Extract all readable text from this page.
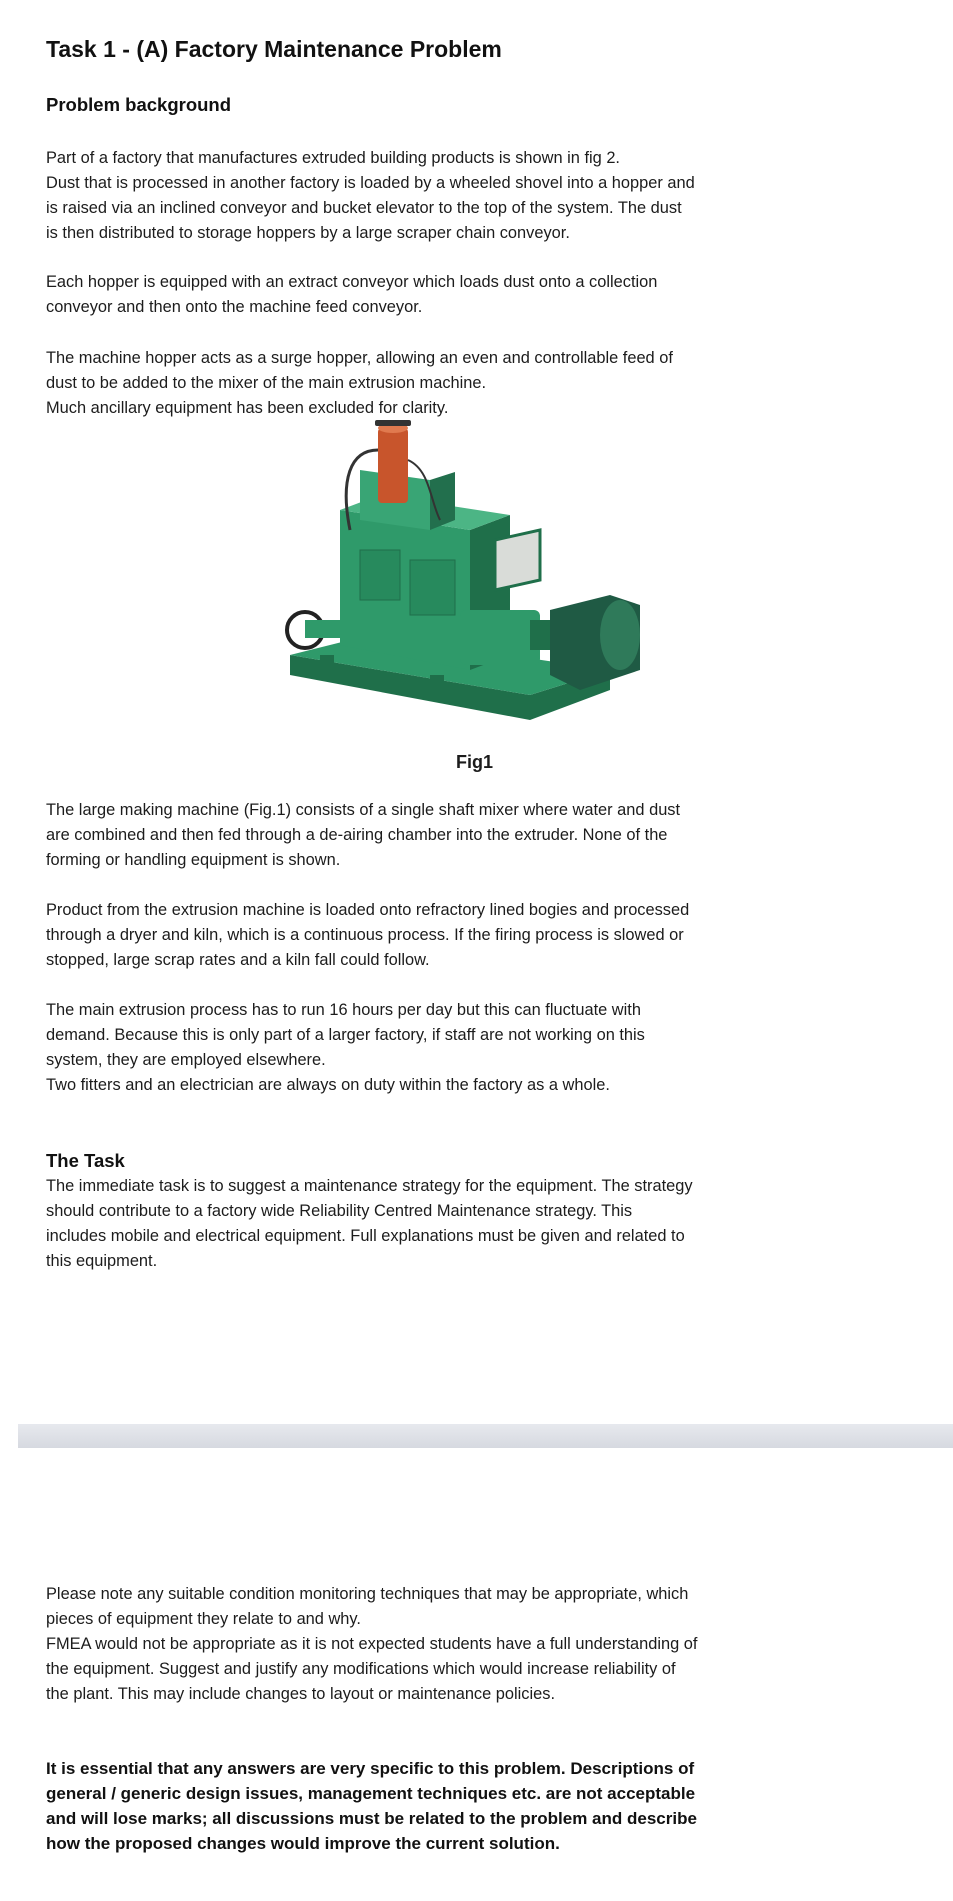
Task 1 - (A) Factory Maintenance Problem
Problem background
Part of a factory that manufactures extruded building products is shown in fig 2.
Dust that is processed in another factory is loaded by a wheeled shovel into a hopper and
is raised via an inclined conveyor and bucket elevator to the top of the system. The dust
is then distributed to storage hoppers by a large scraper chain conveyor.
Each hopper is equipped with an extract conveyor which loads dust onto a collection
conveyor and then onto the machine feed conveyor.
The machine hopper acts as a surge hopper, allowing an even and controllable feed of
dust to be added to the mixer of the main extrusion machine.
Much ancillary equipment has been excluded for clarity.
Fig1
The large making machine (Fig.1) consists of a single shaft mixer where water and dust
are combined and then fed through a de-airing chamber into the extruder. None of the
forming or handling equipment is shown.
Product from the extrusion machine is loaded onto refractory lined bogies and processed
through a dryer and kiln, which is a continuous process. If the firing process is slowed or
stopped, large scrap rates and a kiln fall could follow.
The main extrusion process has to run 16 hours per day but this can fluctuate with
demand. Because this is only part of a larger factory, if staff are not working on this
system, they are employed elsewhere.
Two fitters and an electrician are always on duty within the factory as a whole.
The Task
The immediate task is to suggest a maintenance strategy for the equipment. The strategy
should contribute to a factory wide Reliability Centred Maintenance strategy. This
includes mobile and electrical equipment. Full explanations must be given and related to
this equipment.
Please note any suitable condition monitoring techniques that may be appropriate, which
pieces of equipment they relate to and why.
FMEA would not be appropriate as it is not expected students have a full understanding of
the equipment. Suggest and justify any modifications which would increase reliability of
the plant. This may include changes to layout or maintenance policies.
It is essential that any answers are very specific to this problem. Descriptions of
general / generic design issues, management techniques etc. are not acceptable
and will lose marks; all discussions must be related to the problem and describe
how the proposed changes would improve the current solution.
